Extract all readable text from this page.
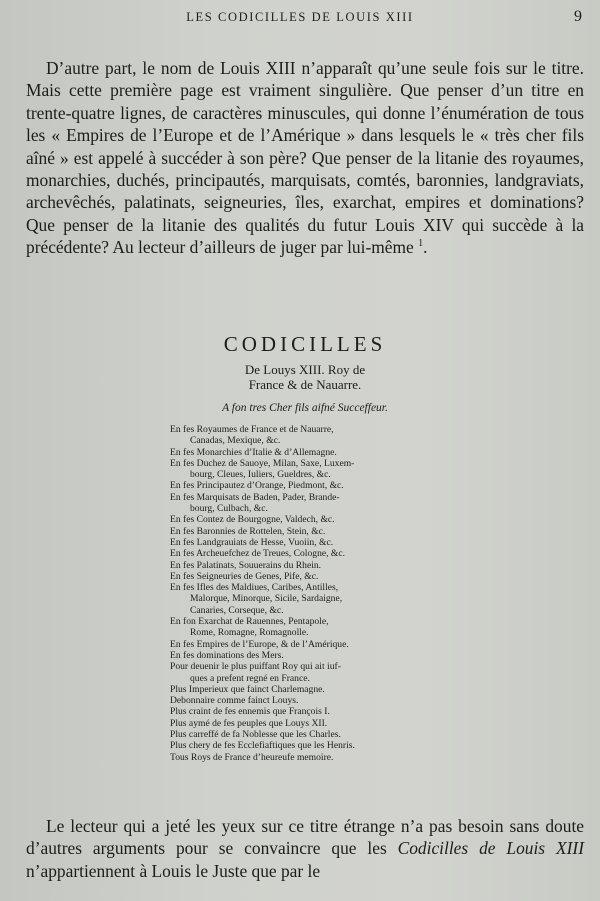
LES CODICILLES DE LOUIS XIII	9

D’autre part, le nom de Louis XIII n’apparaît qu’une seule fois sur le titre. Mais cette première page est vraiment singulière. Que penser d’un titre en trente-quatre lignes, de caractères minuscules, qui donne l’énumération de tous les « Empires de l’Europe et de l’Amérique » dans lesquels le « très cher fils aîné » est appelé à succéder à son père? Que penser de la litanie des royaumes, monarchies, duchés, principautés, marquisats, comtés, baronnies, landgraviats, archevêchés, palatinats, seigneuries, îles, exarchat, empires et dominations? Que penser de la litanie des qualités du futur Louis XIV qui succède à la précédente? Au lecteur d’ailleurs de juger par lui-même $^1$.

CODICILLES
De Louys XIII. Roy de
France & de Nauarre.
A fon tres Cher fils aifné Succeffeur.
En fes Royaumes de France et de Nauarre,
Canadas, Mexique, &c.
En fes Monarchies d’Italie & d’Allemagne.
En fes Duchez de Sauoye, Milan, Saxe, Luxem-
bourg, Cleues, Iuliers, Gueldres, &c.
En fes Principautez d’Orange, Piedmont, &c.
En fes Marquisats de Baden, Pader, Brande-
bourg, Culbach, &c.
En fes Contez de Bourgogne, Valdech, &c.
En fes Baronnies de Rottelen, Stein, &c.
En fes Landgrauiats de Hesse, Vuoiin, &c.
En fes Archeuefchez de Treues, Cologne, &c.
En fes Palatinats, Souuerains du Rhein.
En fes Seigneuries de Genes, Pife, &c.
En fes Ifles des Maldiues, Caribes, Antilles,
Malorque, Minorque, Sicile, Sardaigne,
Canaries, Corseque, &c.
En fon Exarchat de Rauennes, Pentapole,
Rome, Romagne, Romagnolle.
En fes Empires de l’Europe, & de l’Amérique.
En fes dominations des Mers.
Pour deuenir le plus puiffant Roy qui ait iuf-
ques a prefent regné en France.
Plus Imperieux que fainct Charlemagne.
Debonnaire comme fainct Louys.
Plus craint de fes ennemis que François I.
Plus aymé de fes peuples que Louys XII.
Plus carreffé de fa Noblesse que les Charles.
Plus chery de fes Ecclefiaftiques que les Henris.
Tous Roys de France d’heureufe memoire.

Le lecteur qui a jeté les yeux sur ce titre étrange n’a pas besoin sans doute d’autres arguments pour se convaincre que les Codicilles de Louis XIII n’appartiennent à Louis le Juste que par le
